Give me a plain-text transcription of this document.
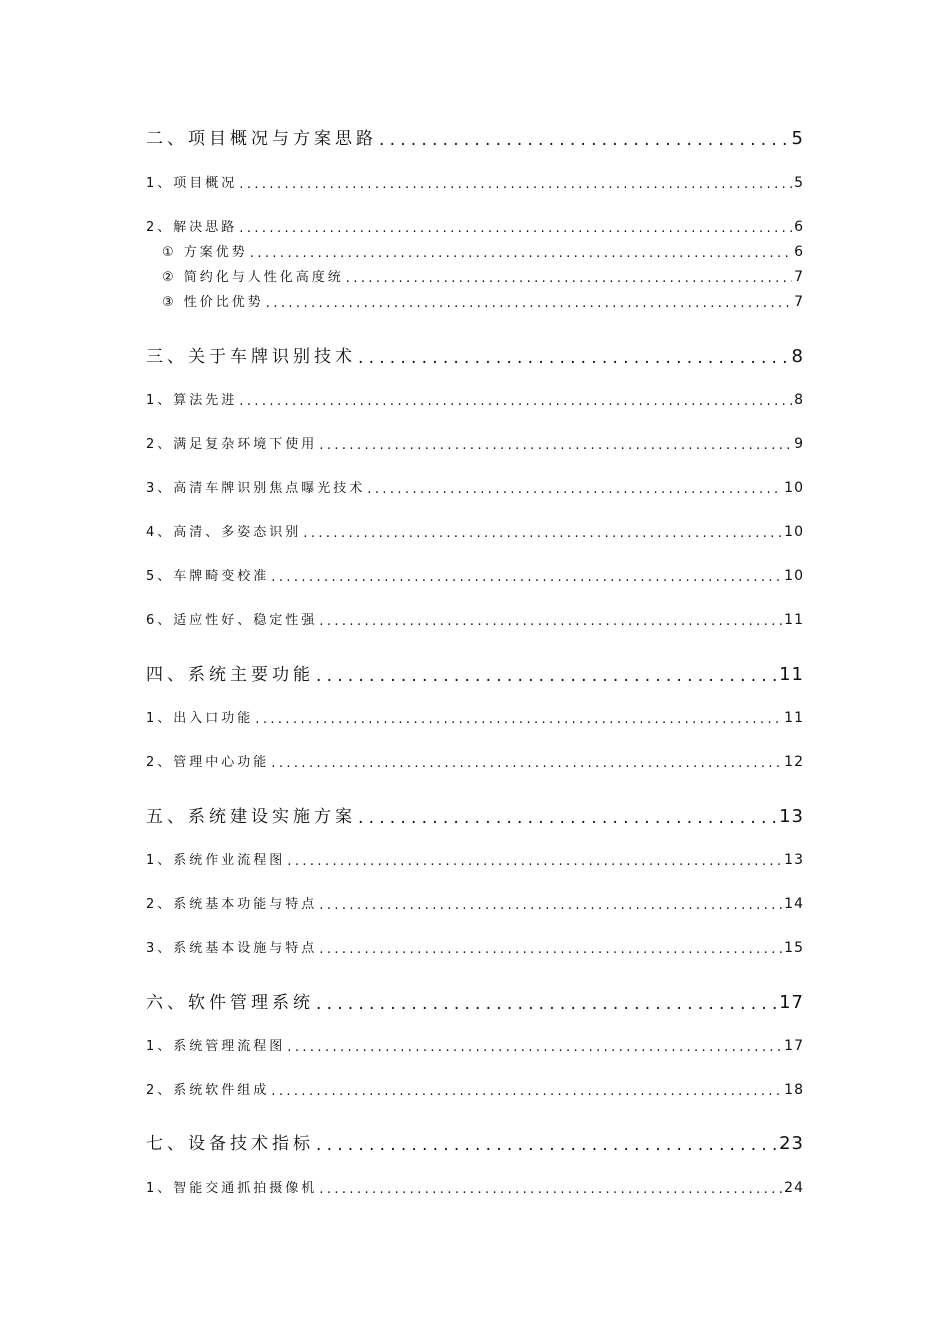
二、项目概况与方案思路 .....	5
1、项目概况 .....	5
2、解决思路 .....	6
① 方案优势 .....	6
② 简约化与人性化高度统 .....	7
③ 性价比优势 .....	7
三、关于车牌识别技术 .....	8
1、算法先进 .....	8
2、满足复杂环境下使用 .....	9
3、高清车牌识别焦点曝光技术 .....	10
4、高清、多姿态识别 .....	10
5、车牌畸变校准 .....	10
6、适应性好、稳定性强 .....	11
四、系统主要功能 .....	11
1、出入口功能 .....	11
2、管理中心功能 .....	12
五、系统建设实施方案 .....	13
1、系统作业流程图 .....	13
2、系统基本功能与特点 .....	14
3、系统基本设施与特点 .....	15
六、软件管理系统 .....	17
1、系统管理流程图 .....	17
2、系统软件组成 .....	18
七、设备技术指标 .....	23
1、智能交通抓拍摄像机 .....	24
